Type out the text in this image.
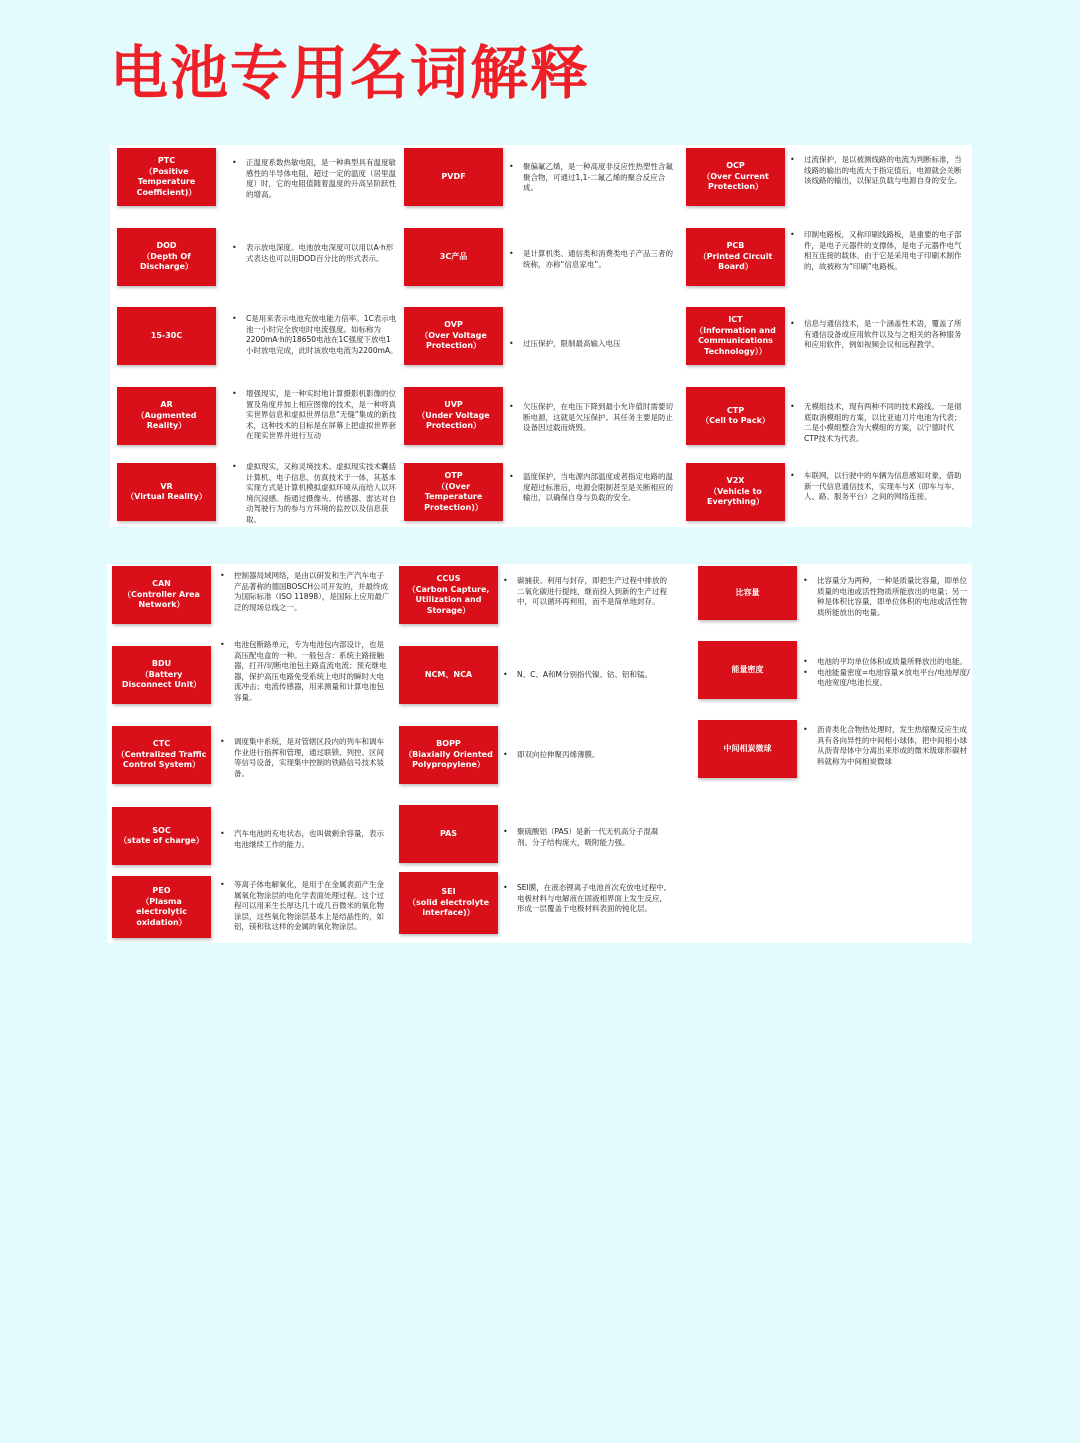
电池专用名词解释
PTC
（Positive
Temperature
Coefficient)）
• 正温度系数热敏电阻，是一种典型具有温度敏感性的半导体电阻，超过一定的温度（居里温度）时，它的电阻值随着温度的升高呈阶跃性的增高。
DOD
（Depth Of
Discharge）
• 表示放电深度。电池放电深度可以用以A·h形式表达也可以用DOD百分比的形式表示。
15-30C
• C是用来表示电池充放电能力倍率。1C表示电池一小时完全放电时电流强度。如标称为2200mA·h的18650电池在1C强度下放电1小时放电完成，此时该放电电流为2200mA。
AR
（Augmented Reality）
• 增强现实，是一种实时地计算摄影机影像的位置及角度并加上相应图像的技术，是一种将真实世界信息和虚拟世界信息“无缝”集成的新技术，这种技术的目标是在屏幕上把虚拟世界套在现实世界并进行互动
VR
（Virtual Reality）
• 虚拟现实，又称灵境技术。虚拟现实技术囊括计算机、电子信息、仿真技术于一体，其基本实现方式是计算机模拟虚拟环境从而给人以环境沉浸感。指通过摄像头、传感器、雷达对自动驾驶行为的参与方环境的监控以及信息获取。
PVDF
• 聚偏氟乙烯，是一种高度非反应性热塑性含氟聚合物，可通过1,1-二氟乙烯的聚合反应合成。
3C产品	• 是计算机类、通信类和消费类电子产品三者的统称，亦称“信息家电”。
OVP
（Over Voltage
Protection）	• 过压保护，限制最高输入电压
UVP
（Under Voltage
Protection）
• 欠压保护，在电压下降到最小允许值时需要切断电源，这就是欠压保护。其任务主要是防止设备因过载而烧毁。
OTP
（(Over Temperature
Protection)）
• 温度保护，当电源内部温度或者指定电路的温度超过标准后，电源会限制甚至是关断相应的输出，以确保自身与负载的安全。
OCP
（Over Current
Protection）
• 过流保护，是以被测线路的电流为判断标准，当线路的输出的电流大于指定值后，电源就会关断该线路的输出，以保证负载与电源自身的安全。
PCB
（Printed Circuit
Board）
• 印制电路板，又称印刷线路板，是重要的电子部件，是电子元器件的支撑体，是电子元器件电气相互连接的载体。由于它是采用电子印刷术制作的，故被称为“印刷”电路板。
ICT
（Information and
Communications
Technology））
• 信息与通信技术，是一个涵盖性术语，覆盖了所有通信设备或应用软件以及与之相关的各种服务和应用软件，例如视频会议和远程教学。
CTP
（Cell to Pack）
• 无模组技术，现有两种不同的技术路线。一是彻底取消模组的方案，以比亚迪刀片电池为代表；二是小模组整合为大模组的方案，以宁德时代CTP技术为代表。
V2X
（Vehicle to
Everything）
• 车联网，以行驶中的车辆为信息感知对象，借助新一代信息通信技术，实现车与X（即车与车、人、路、服务平台）之间的网络连接。
CAN
（Controller Area
Network）
• 控制器局域网络，是由以研发和生产汽车电子产品著称的德国BOSCH公司开发的，并最终成为国际标准（ISO 11898），是国际上应用最广泛的现场总线之一。
BDU
（Battery
Disconnect Unit）
• 电池包断路单元，专为电池包内部设计，也是高压配电盒的一种。一般包含：系统主路接触器，打开/切断电池包主路直流电流；预充继电器，保护高压电路免受系统上电时的瞬时大电流冲击；电流传感器，用来测量和计算电池包容量。
CTC
（Centralized Traffic
Control System）
• 调度集中系统，是对管辖区段内的列车和调车作业进行指挥和管理，通过联锁、列控、区间等信号设备，实现集中控制的铁路信号技术装备。
SOC
（state of charge）
• 汽车电池的充电状态，也叫做剩余容量，表示电池继续工作的能力。
PEO
（Plasma
electrolytic
oxidation）
• 等离子体电解氧化，是用于在金属表面产生金属氧化物涂层的电化学表面处理过程。这个过程可以用来生长厚达几十或几百微米的氧化物涂层，这些氧化物涂层基本上是结晶性的，如铝，镁和钛这样的金属的氧化物涂层。
CCUS
（Carbon Capture,
Utilization and
Storage）
• 碳捕获、利用与封存，即把生产过程中排放的二氧化碳进行提纯，继而投入到新的生产过程中，可以循环再利用，而不是简单地封存。
NCM、NCA	• N、C、A和M分别指代镍、钴、铝和锰。
BOPP
（Biaxially Oriented
Polypropylene）
• 即双向拉伸聚丙烯薄膜。
PAS	• 聚硫酸铝（PAS）是新一代无机高分子混凝剂。分子结构庞大，吸附能力强。
SEI
（solid electrolyte
interface)）
• SEI膜，在液态锂离子电池首次充放电过程中,电极材料与电解液在固液相界面上发生反应,形成一层覆盖于电极材料表面的钝化层。
比容量
• 比容量分为两种，一种是质量比容量，即单位质量的电池或活性物质所能放出的电量；另一种是体积比容量，即单位体积的电池或活性物质所能放出的电量。
能量密度
• 电池的平均单位体积或质量所释放出的电能。
• 电池能量密度=电池容量×放电平台/电池厚度/电池宽度/电池长度。
中间相炭微球
• 沥青类化合物热处理时，发生热缩聚反应生成具有各向异性的中间相小球体，把中间相小球从沥青母体中分离出来形成的微米级球形碳材料就称为中间相炭微球
